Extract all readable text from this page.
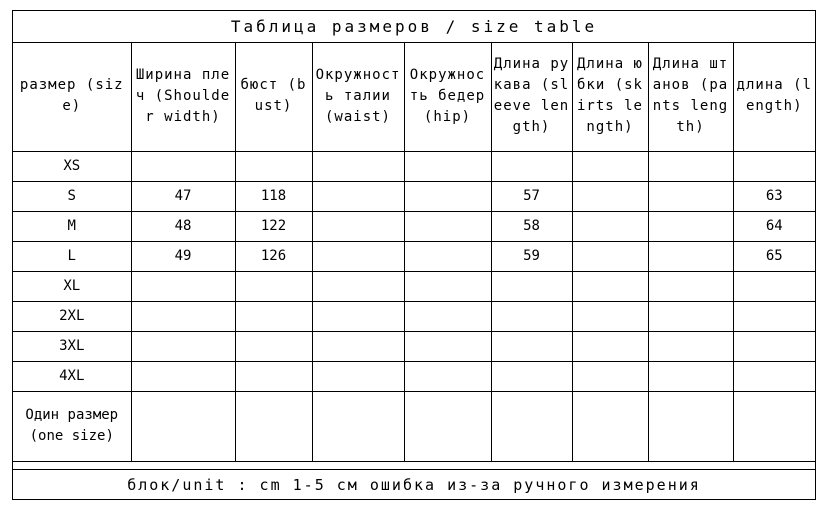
Таблица размеров / size table
размер (size)	Ширина плеч (Shoulder width)	бюст (bust)	Окружность талии (waist)	Окружность бедер (hip)	Длина рукава (sleeve length)	Длина юбки (skirts length)	Длина штанов (pants length)	длина (length)

XS								

S	47	118			57			63

M	48	122			58			64

L	49	126			59			65

XL								

2XL								

3XL								

4XL								

Один размер (one size)								

блок/unit : cm 1-5 см ошибка из-за ручного измерения
